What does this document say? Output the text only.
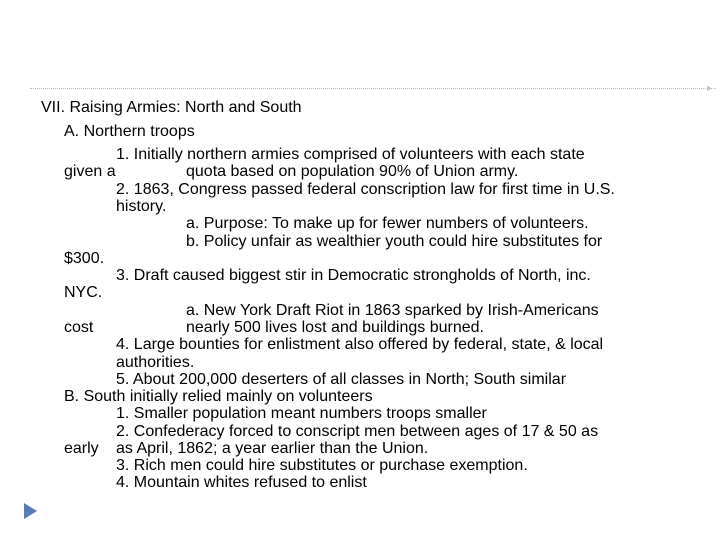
▸
VII. Raising Armies: North and South
A. Northern troops
1. Initially northern armies comprised of volunteers with each state
given a	quota based on population 90% of Union army.
2. 1863, Congress passed federal conscription law for first time in U.S.
history.
a. Purpose: To make up for fewer numbers of volunteers.
b. Policy unfair as wealthier youth could hire substitutes for
$300.
3. Draft caused biggest stir in Democratic strongholds of North, inc.
NYC.
a. New York Draft Riot in 1863 sparked by Irish-Americans
cost	nearly 500 lives lost and buildings burned.
4. Large bounties for enlistment also offered by federal, state, & local
authorities.
5. About 200,000 deserters of all classes in North; South similar
B. South initially relied mainly on volunteers
1. Smaller population meant numbers troops smaller
2. Confederacy forced to conscript men between ages of 17 & 50 as
early as April, 1862; a year earlier than the Union.
3. Rich men could hire substitutes or purchase exemption.
4. Mountain whites refused to enlist
